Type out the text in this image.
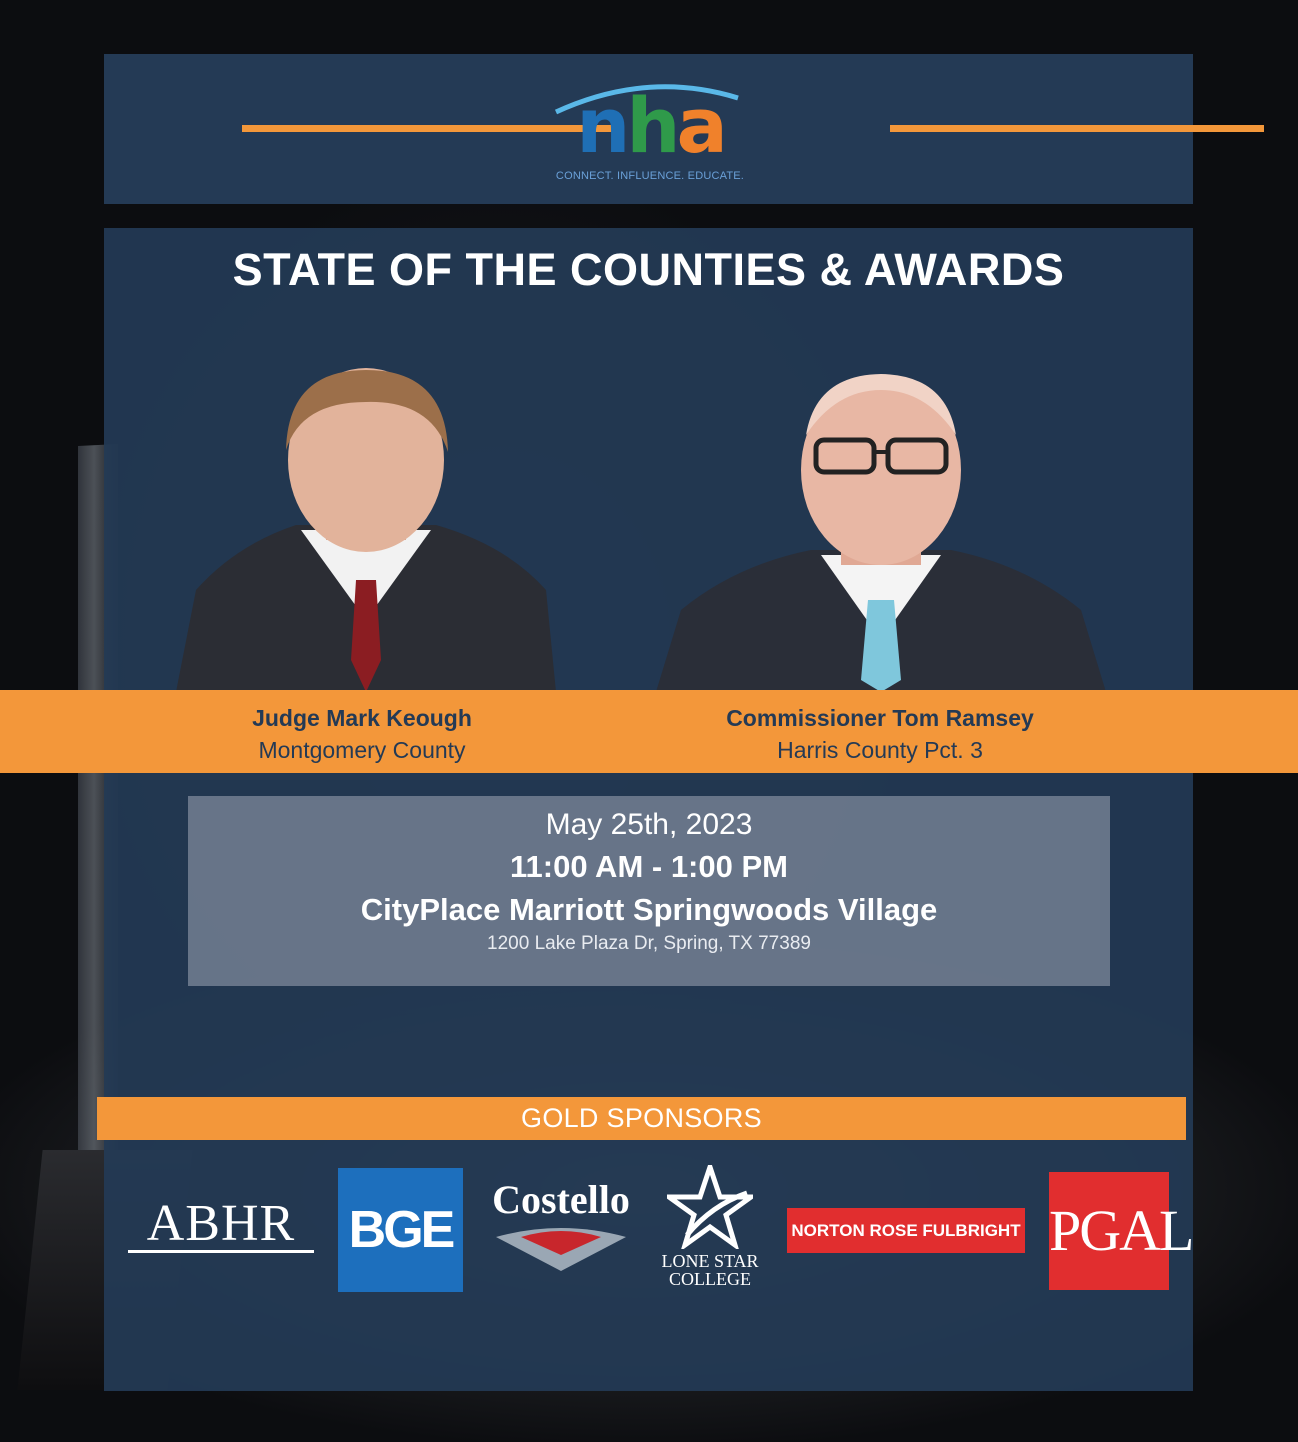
nha
CONNECT. INFLUENCE. EDUCATE.
STATE OF THE COUNTIES & AWARDS
Judge Mark Keough
Montgomery County
Commissioner Tom Ramsey
Harris County Pct. 3
May 25th, 2023
11:00 AM - 1:00 PM
CityPlace Marriott Springwoods Village
1200 Lake Plaza Dr, Spring, TX 77389
GOLD SPONSORS
ABHR	BGE
Costello
LONE STAR
COLLEGE
NORTON ROSE FULBRIGHT PGAL
